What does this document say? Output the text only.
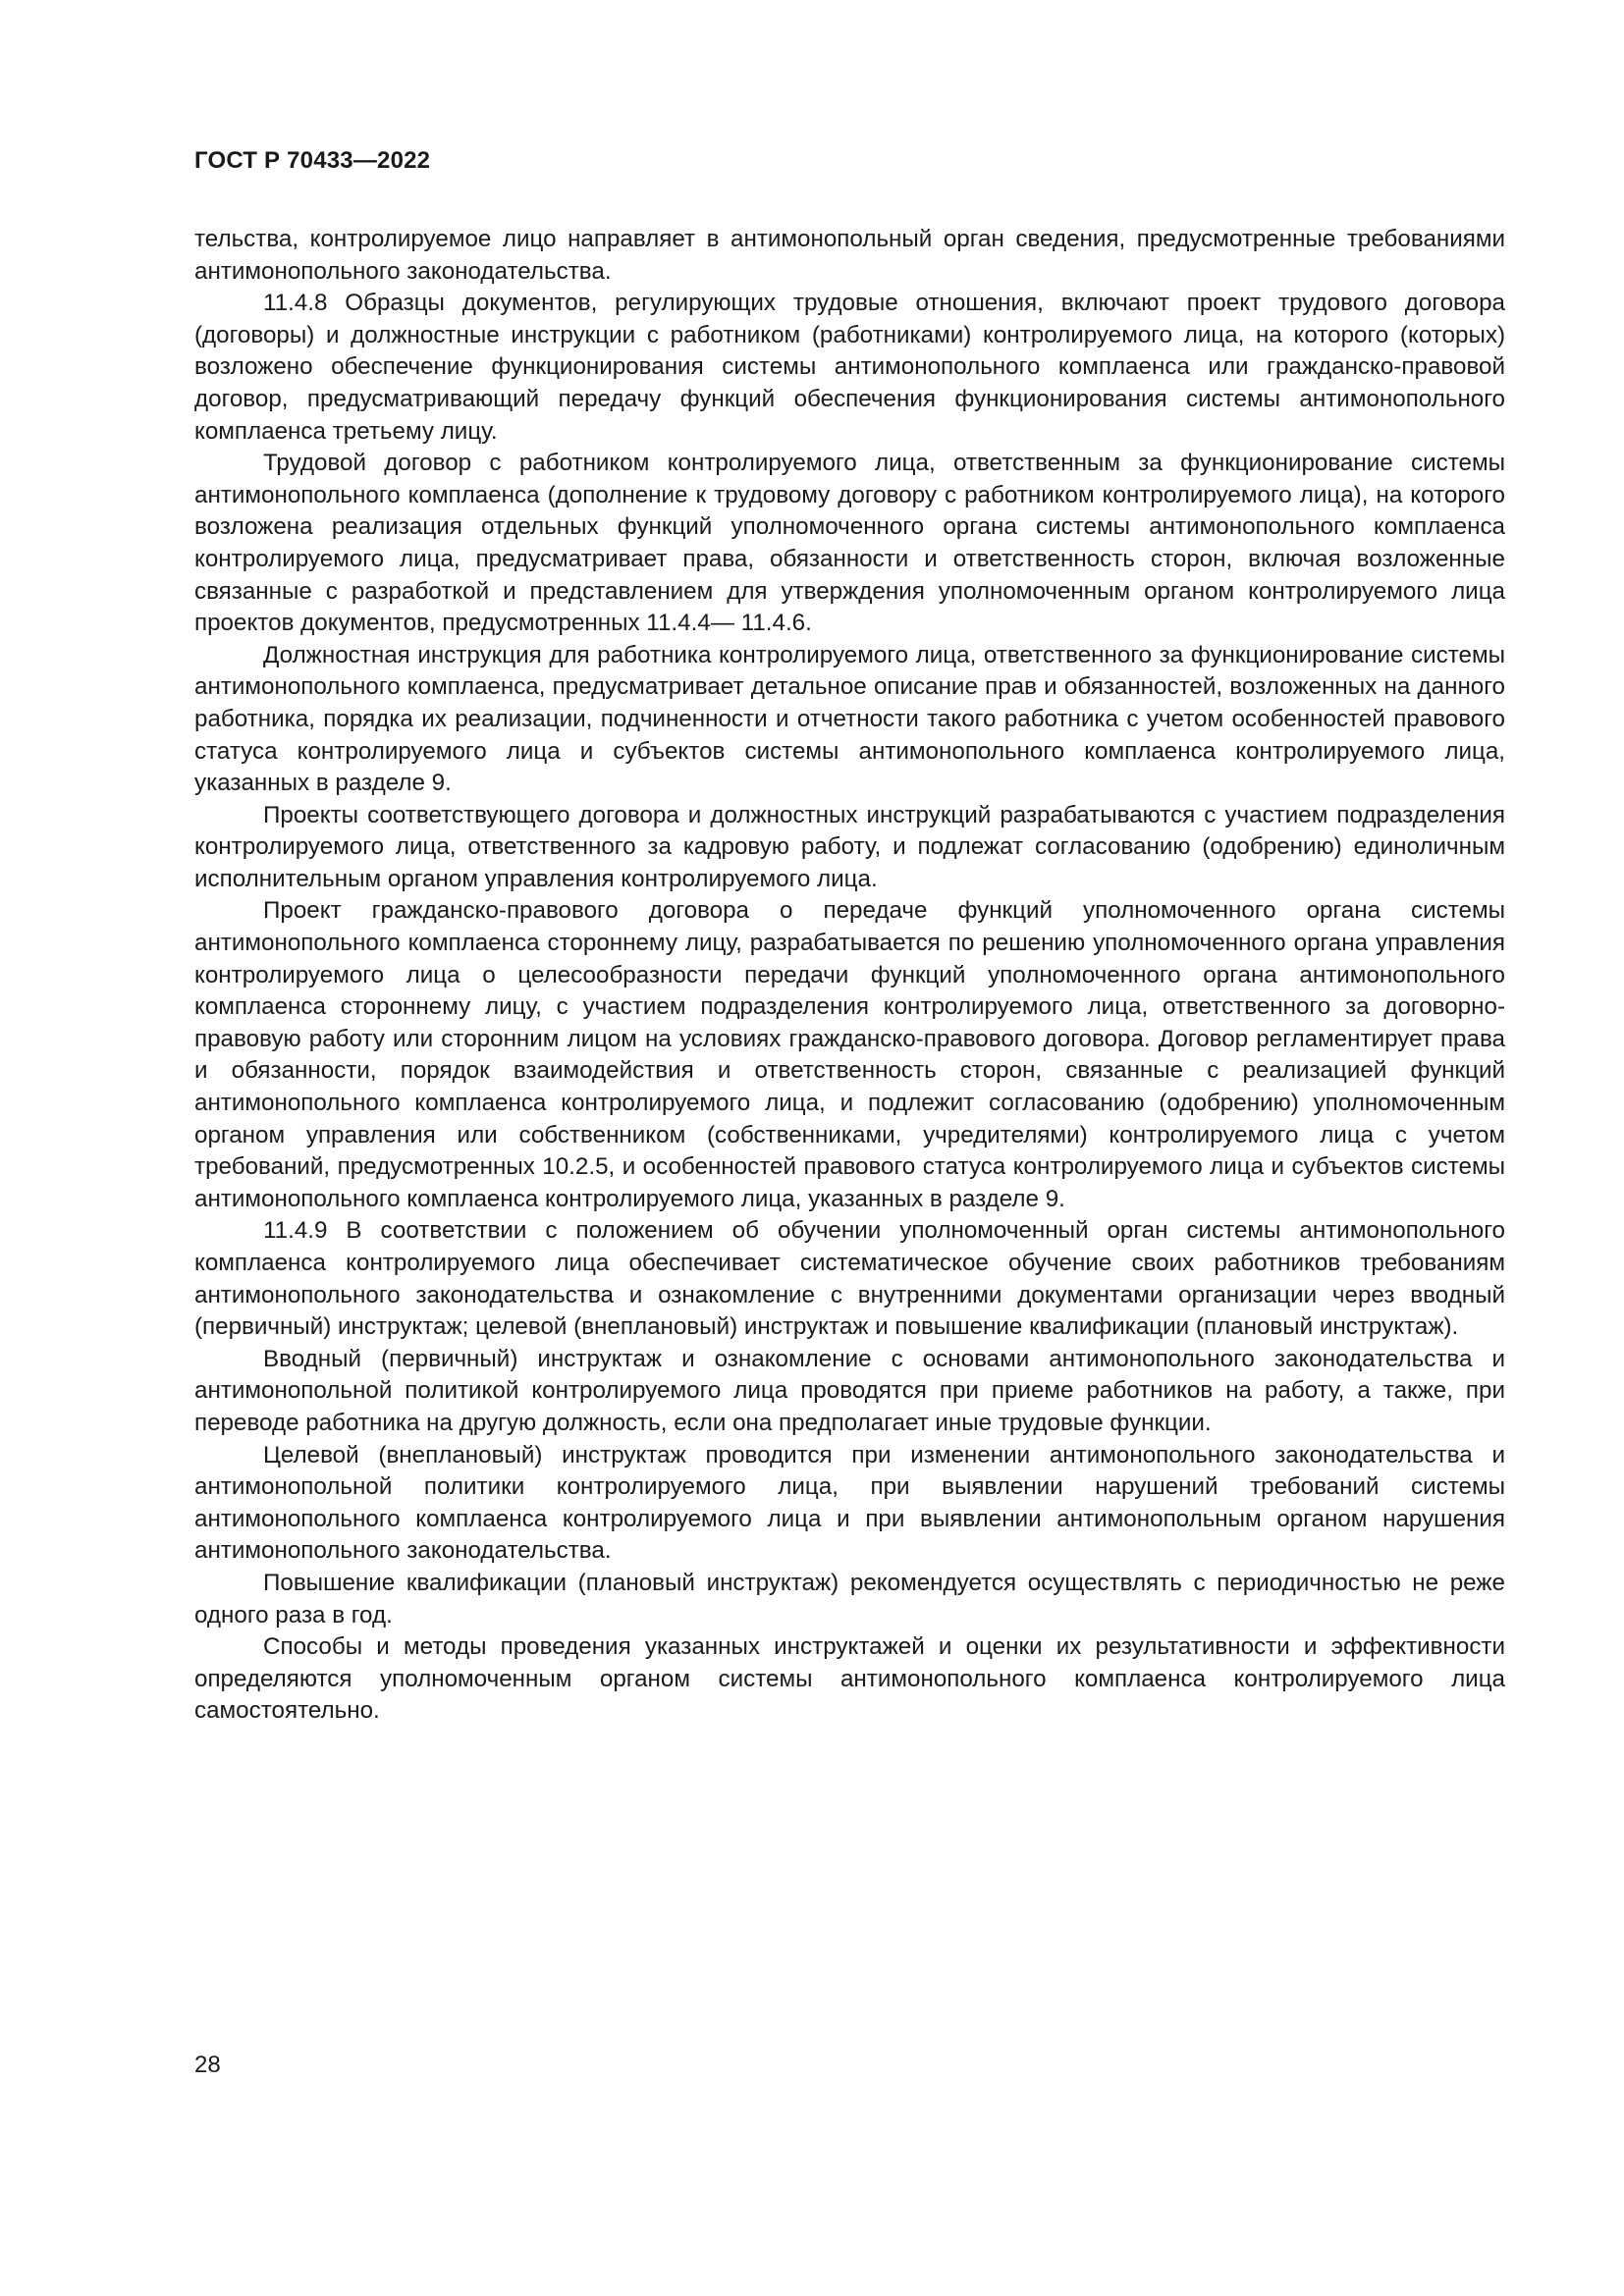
ГОСТ Р 70433—2022

тельства, контролируемое лицо направляет в антимонопольный орган сведения, предусмотренные требованиями антимонопольного законодательства.

11.4.8 Образцы документов, регулирующих трудовые отношения, включают проект трудового договора (договоры) и должностные инструкции с работником (работниками) контролируемого лица, на которого (которых) возложено обеспечение функционирования системы антимонопольного комплаенса или гражданско-правовой договор, предусматривающий передачу функций обеспечения функционирования системы антимонопольного комплаенса третьему лицу.

Трудовой договор с работником контролируемого лица, ответственным за функционирование системы антимонопольного комплаенса (дополнение к трудовому договору с работником контролируемого лица), на которого возложена реализация отдельных функций уполномоченного органа системы антимонопольного комплаенса контролируемого лица, предусматривает права, обязанности и ответственность сторон, включая возложенные связанные с разработкой и представлением для утверждения уполномоченным органом контролируемого лица проектов документов, предусмотренных 11.4.4— 11.4.6.

Должностная инструкция для работника контролируемого лица, ответственного за функционирование системы антимонопольного комплаенса, предусматривает детальное описание прав и обязанностей, возложенных на данного работника, порядка их реализации, подчиненности и отчетности такого работника с учетом особенностей правового статуса контролируемого лица и субъектов системы антимонопольного комплаенса контролируемого лица, указанных в разделе 9.

Проекты соответствующего договора и должностных инструкций разрабатываются с участием подразделения контролируемого лица, ответственного за кадровую работу, и подлежат согласованию (одобрению) единоличным исполнительным органом управления контролируемого лица.

Проект гражданско-правового договора о передаче функций уполномоченного органа системы антимонопольного комплаенса стороннему лицу, разрабатывается по решению уполномоченного органа управления контролируемого лица о целесообразности передачи функций уполномоченного органа антимонопольного комплаенса стороннему лицу, с участием подразделения контролируемого лица, ответственного за договорно-правовую работу или сторонним лицом на условиях гражданско-правового договора. Договор регламентирует права и обязанности, порядок взаимодействия и ответственность сторон, связанные с реализацией функций антимонопольного комплаенса контролируемого лица, и подлежит согласованию (одобрению) уполномоченным органом управления или собственником (собственниками, учредителями) контролируемого лица с учетом требований, предусмотренных 10.2.5, и особенностей правового статуса контролируемого лица и субъектов системы антимонопольного комплаенса контролируемого лица, указанных в разделе 9.

11.4.9 В соответствии с положением об обучении уполномоченный орган системы антимонопольного комплаенса контролируемого лица обеспечивает систематическое обучение своих работников требованиям антимонопольного законодательства и ознакомление с внутренними документами организации через вводный (первичный) инструктаж; целевой (внеплановый) инструктаж и повышение квалификации (плановый инструктаж).

Вводный (первичный) инструктаж и ознакомление с основами антимонопольного законодательства и антимонопольной политикой контролируемого лица проводятся при приеме работников на работу, а также, при переводе работника на другую должность, если она предполагает иные трудовые функции.

Целевой (внеплановый) инструктаж проводится при изменении антимонопольного законодательства и антимонопольной политики контролируемого лица, при выявлении нарушений требований системы антимонопольного комплаенса контролируемого лица и при выявлении антимонопольным органом нарушения антимонопольного законодательства.

Повышение квалификации (плановый инструктаж) рекомендуется осуществлять с периодичностью не реже одного раза в год.

Способы и методы проведения указанных инструктажей и оценки их результативности и эффективности определяются уполномоченным органом системы антимонопольного комплаенса контролируемого лица самостоятельно.

28
